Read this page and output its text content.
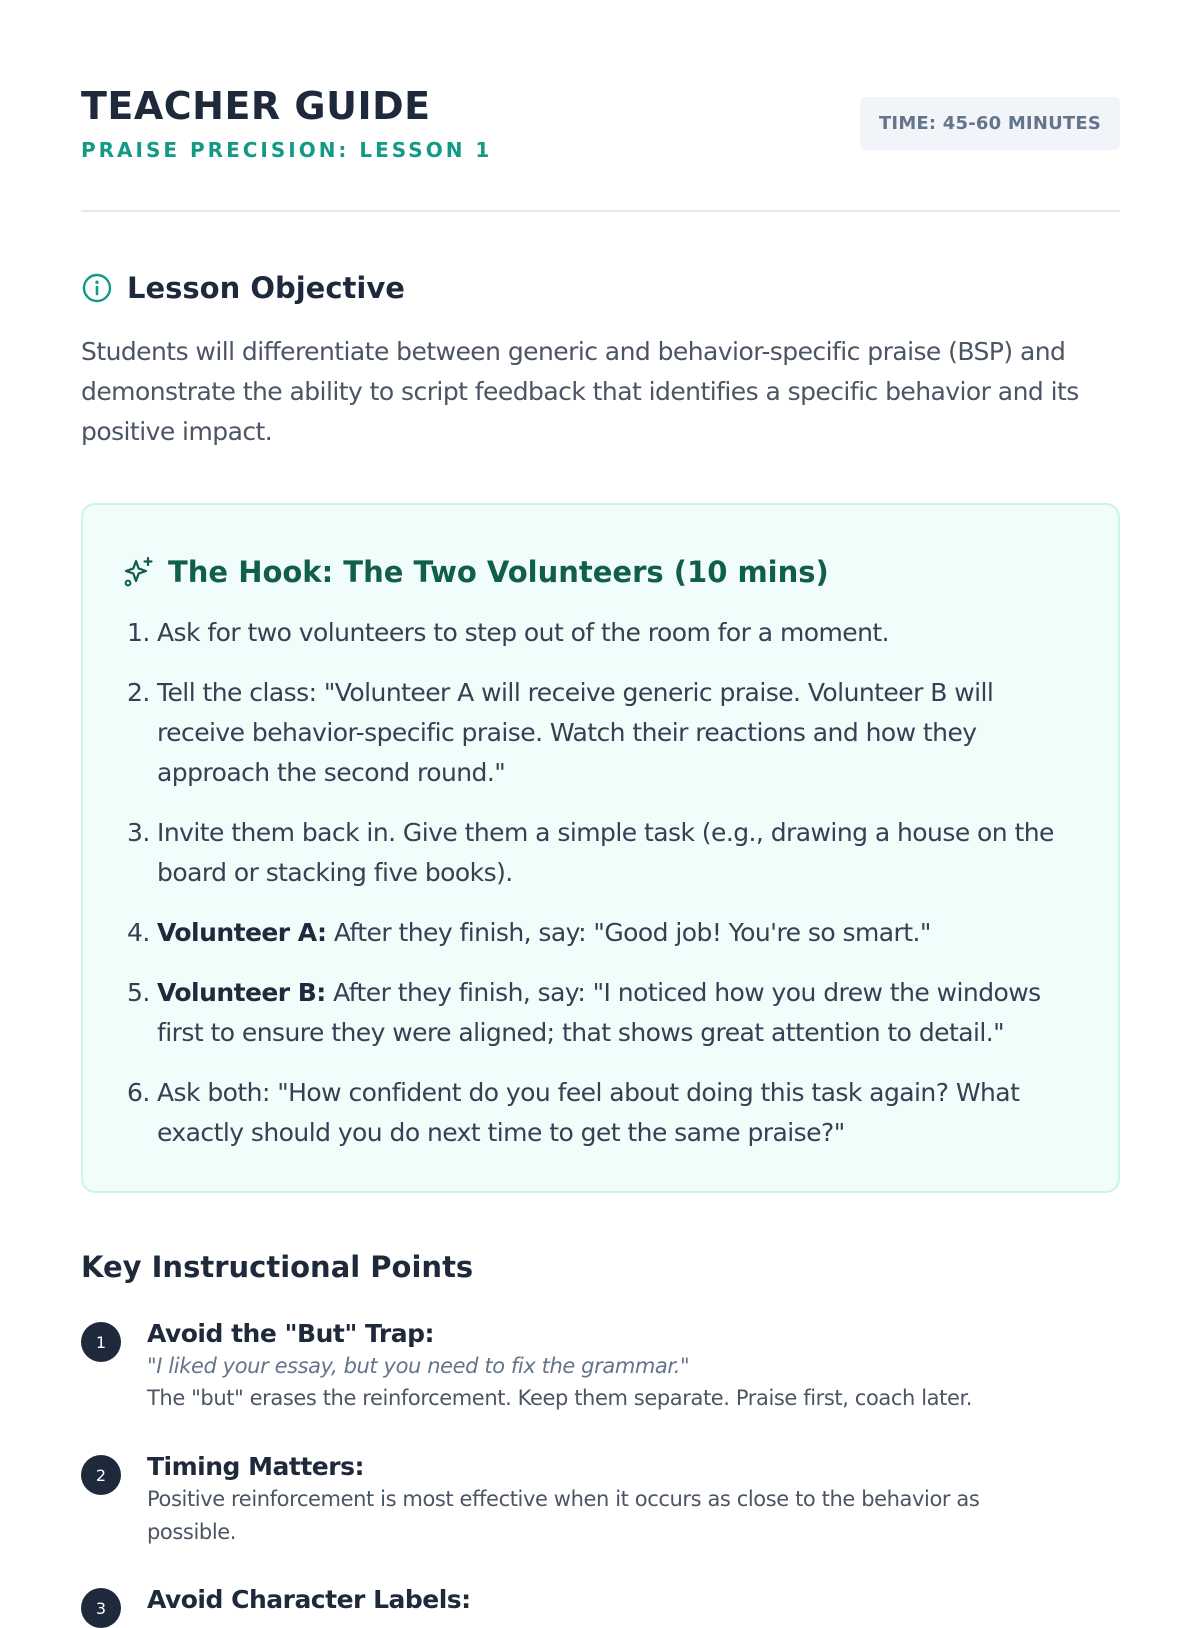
TEACHER GUIDE
PRAISE PRECISION: LESSON 1
TIME: 45-60 MINUTES
Lesson Objective

Students will differentiate between generic and behavior-specific praise (BSP) and demonstrate the ability to script feedback that identifies a specific behavior and its positive impact.

The Hook: The Two Volunteers (10 mins)
1. Ask for two volunteers to step out of the room for a moment.
2. Tell the class: "Volunteer A will receive generic praise. Volunteer B will receive behavior-specific praise. Watch their reactions and how they approach the second round."
3. Invite them back in. Give them a simple task (e.g., drawing a house on the board or stacking five books).
4. Volunteer A: After they finish, say: "Good job! You're so smart."
5. Volunteer B: After they finish, say: "I noticed how you drew the windows first to ensure they were aligned; that shows great attention to detail."
6. Ask both: "How confident do you feel about doing this task again? What exactly should you do next time to get the same praise?"
Key Instructional Points
1	Avoid the "But" Trap:
"I liked your essay, but you need to fix the grammar."
The "but" erases the reinforcement. Keep them separate. Praise first, coach later.
2	Timing Matters:
Positive reinforcement is most effective when it occurs as close to the behavior as possible.
3	Avoid Character Labels:
